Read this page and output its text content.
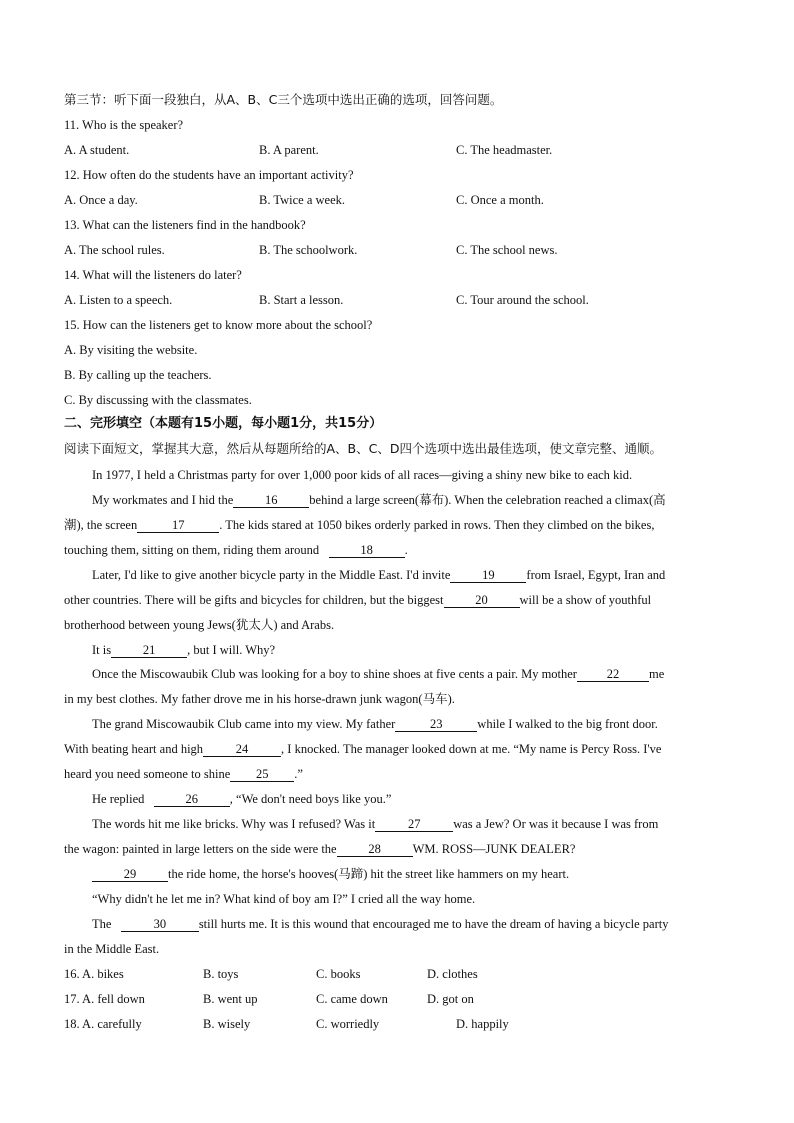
第三节：听下面一段独白，从A、B、C三个选项中选出正确的选项，回答问题。
11. Who is the speaker?
A. A student.	B. A parent.	C. The headmaster.
12. How often do the students have an important activity?
A. Once a day.	B. Twice a week.	C. Once a month.
13. What can the listeners find in the handbook?
A. The school rules.	B. The schoolwork.	C. The school news.
14. What will the listeners do later?
A. Listen to a speech.	B. Start a lesson.	C. Tour around the school.
15. How can the listeners get to know more about the school?
A. By visiting the website.
B. By calling up the teachers.
C. By discussing with the classmates.
二、完形填空（本题有15小题，每小题1分，共15分）
阅读下面短文，掌握其大意，然后从每题所给的A、B、C、D四个选项中选出最佳选项，使文章完整、通顺。
In 1977, I held a Christmas party for over 1,000 poor kids of all races—giving a shiny new bike to each kid.
My workmates and I hid the	16	behind a large screen(幕布). When the celebration reached a climax(高
潮), the screen	17	. The kids stared at 1050 bikes orderly parked in rows. Then they climbed on the bikes,
touching them, sitting on them, riding them around	18	.
Later, I'd like to give another bicycle party in the Middle East. I'd invite	19	from Israel, Egypt, Iran and
other countries. There will be gifts and bicycles for children, but the biggest	20	will be a show of youthful
brotherhood between young Jews(犹太人) and Arabs.
It is	21	, but I will. Why?
Once the Miscowaubik Club was looking for a boy to shine shoes at five cents a pair. My mother 22 me
in my best clothes. My father drove me in his horse-drawn junk wagon(马车).
The grand Miscowaubik Club came into my view. My father	23	while I walked to the big front door.
With beating heart and high	24	, I knocked. The manager looked down at me. “My name is Percy Ross. I've
heard you need someone to shine 25 .”
He replied	26	, “We don't need boys like you.”
The words hit me like bricks. Why was I refused? Was it	27	was a Jew? Or was it because I was from
the wagon: painted in large letters on the side were the	28	WM. ROSS—JUNK DEALER?
29	the ride home, the horse's hooves(马蹄) hit the street like hammers on my heart.
“Why didn't he let me in? What kind of boy am I?” I cried all the way home.
The	30	still hurts me. It is this wound that encouraged me to have the dream of having a bicycle party
in the Middle East.
16. A. bikes	B. toys	C. books	D. clothes
17. A. fell down	B. went up	C. came down	D. got on
18. A. carefully	B. wisely	C. worriedly	D. happily
